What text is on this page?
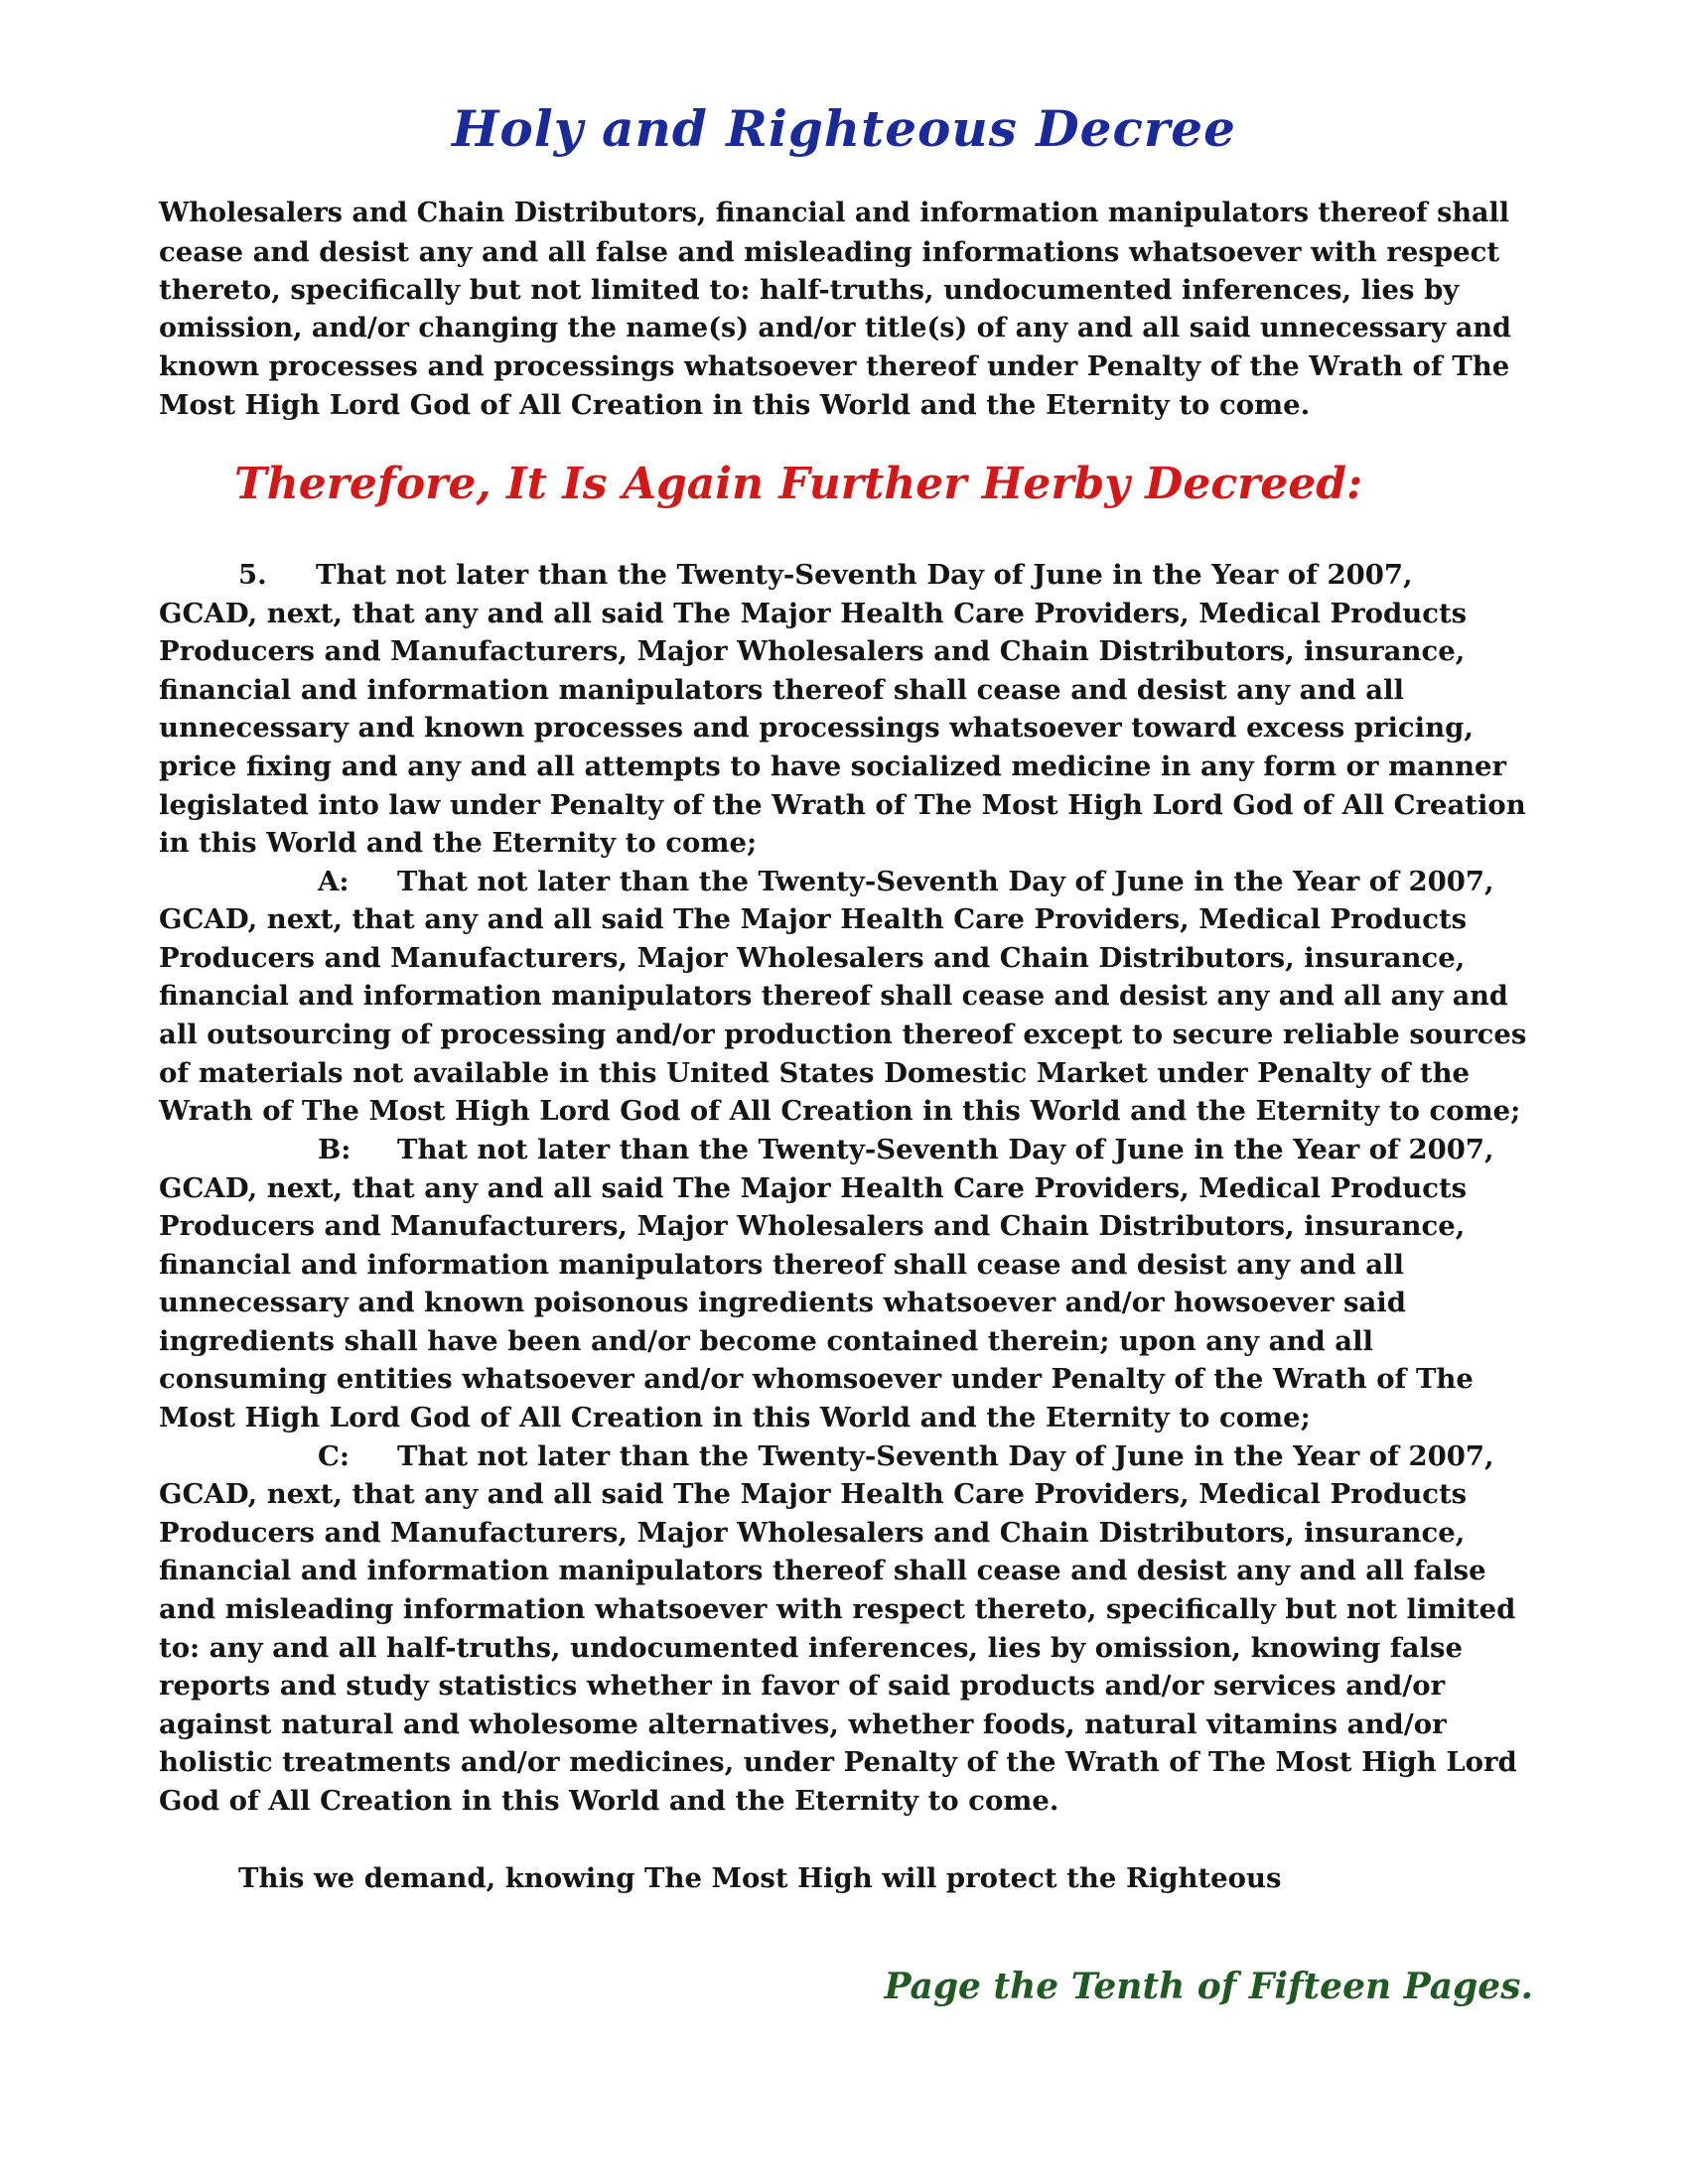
Holy and Righteous Decree
Wholesalers and Chain Distributors, financial and information manipulators thereof shall
cease and desist any and all false and misleading informations whatsoever with respect
thereto, specifically but not limited to: half-truths, undocumented inferences, lies by
omission, and/or changing the name(s) and/or title(s) of any and all said unnecessary and
known processes and processings whatsoever thereof under Penalty of the Wrath of The
Most High Lord God of All Creation in this World and the Eternity to come.
Therefore, It Is Again Further Herby Decreed:
5. That not later than the Twenty-Seventh Day of June in the Year of 2007,
GCAD, next, that any and all said The Major Health Care Providers, Medical Products
Producers and Manufacturers, Major Wholesalers and Chain Distributors, insurance,
financial and information manipulators thereof shall cease and desist any and all
unnecessary and known processes and processings whatsoever toward excess pricing,
price fixing and any and all attempts to have socialized medicine in any form or manner
legislated into law under Penalty of the Wrath of The Most High Lord God of All Creation
in this World and the Eternity to come;
A: That not later than the Twenty-Seventh Day of June in the Year of 2007,
GCAD, next, that any and all said The Major Health Care Providers, Medical Products
Producers and Manufacturers, Major Wholesalers and Chain Distributors, insurance,
financial and information manipulators thereof shall cease and desist any and all any and
all outsourcing of processing and/or production thereof except to secure reliable sources
of materials not available in this United States Domestic Market under Penalty of the
Wrath of The Most High Lord God of All Creation in this World and the Eternity to come;
B: That not later than the Twenty-Seventh Day of June in the Year of 2007,
GCAD, next, that any and all said The Major Health Care Providers, Medical Products
Producers and Manufacturers, Major Wholesalers and Chain Distributors, insurance,
financial and information manipulators thereof shall cease and desist any and all
unnecessary and known poisonous ingredients whatsoever and/or howsoever said
ingredients shall have been and/or become contained therein; upon any and all
consuming entities whatsoever and/or whomsoever under Penalty of the Wrath of The
Most High Lord God of All Creation in this World and the Eternity to come;
C: That not later than the Twenty-Seventh Day of June in the Year of 2007,
GCAD, next, that any and all said The Major Health Care Providers, Medical Products
Producers and Manufacturers, Major Wholesalers and Chain Distributors, insurance,
financial and information manipulators thereof shall cease and desist any and all false
and misleading information whatsoever with respect thereto, specifically but not limited
to: any and all half-truths, undocumented inferences, lies by omission, knowing false
reports and study statistics whether in favor of said products and/or services and/or
against natural and wholesome alternatives, whether foods, natural vitamins and/or
holistic treatments and/or medicines, under Penalty of the Wrath of The Most High Lord
God of All Creation in this World and the Eternity to come.

This we demand, knowing The Most High will protect the Righteous

Page the Tenth of Fifteen Pages.
